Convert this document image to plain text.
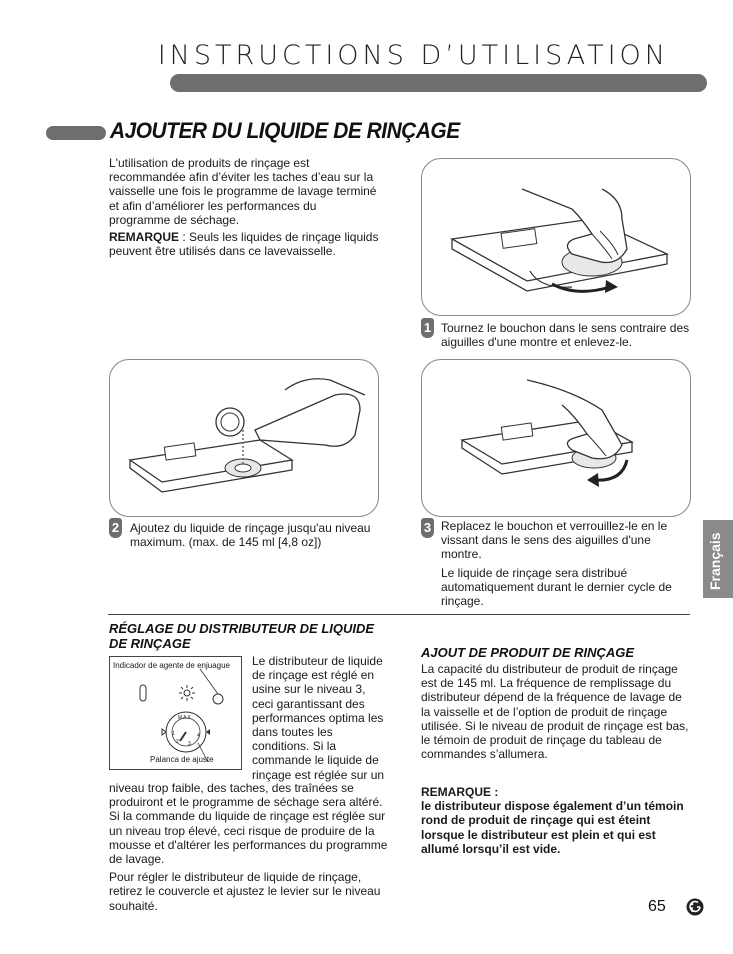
INSTRUCTIONS D’UTILISATION
AJOUTER DU LIQUIDE DE RINÇAGE
L'utilisation de produits de rinçage est recommandée afin d’éviter les taches d’eau sur la vaisselle une fois le programme de lavage terminé et afin d’améliorer les performances du programme de séchage.
REMARQUE : Seuls les liquides de rinçage liquids peuvent être utilisés dans ce lavevaisselle.
1 Tournez le bouchon dans le sens contraire des aiguilles d'une montre et enlevez-le.
2 Ajoutez du liquide de rinçage jusqu'au niveau maximum. (max. de 145 ml [4,8 oz])
3 Replacez le bouchon et verrouillez-le en le vissant dans le sens des aiguilles d'une montre.
Le liquide de rinçage sera distribué automatiquement durant le dernier cycle de rinçage.
Français
RÉGLAGE DU DISTRIBUTEUR DE LIQUIDE DE RINÇAGE
Indicador de agente de enjuague
MAX
1
2 3
4
Palanca de ajuste
Le distributeur de liquide de rinçage est réglé en usine sur le niveau 3, ceci garantissant des performances optima les dans toutes les conditions. Si la commande le liquide de rinçage est réglée sur un
niveau trop faible, des taches, des traînées se produiront et le programme de séchage sera altéré. Si la commande du liquide de rinçage est réglée sur un niveau trop élevé, ceci risque de produire de la mousse et d'altérer les performances du programme de lavage.
Pour régler le distributeur de liquide de rinçage, retirez le couvercle et ajustez le levier sur le niveau souhaité.
AJOUT DE PRODUIT DE RINÇAGE
La capacité du distributeur de produit de rinçage est de 145 ml. La fréquence de remplissage du distributeur dépend de la fréquence de lavage de la vaisselle et de l’option de produit de rinçage utilisée. Si le niveau de produit de rinçage est bas, le témoin de produit de rinçage du tableau de commandes s’allumera.
REMARQUE :
le distributeur dispose également d’un témoin rond de produit de rinçage qui est éteint lorsque le distributeur est plein et qui est allumé lorsqu’il est vide.
65
